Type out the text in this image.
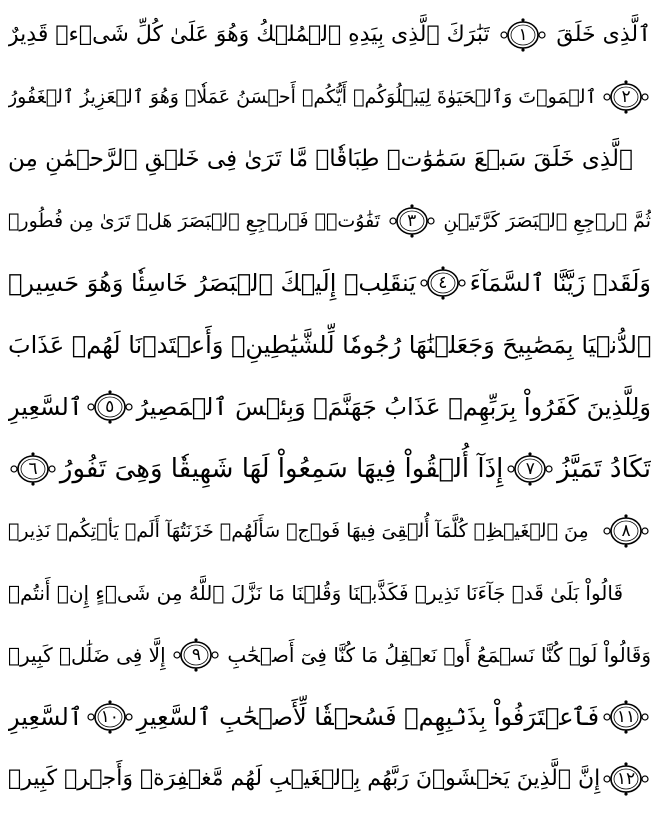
تَبَٰرَكَ ٱلَّذِى بِيَدِهِ ٱلۡمُلۡكُ وَهُوَ عَلَىٰ كُلِّ شَىۡءٖ قَدِيرٌ ١ ٱلَّذِى خَلَقَ
ٱلۡمَوۡتَ وَٱلۡحَيَوٰةَ لِيَبۡلُوَكُمۡ أَيُّكُمۡ أَحۡسَنُ عَمَلٗاۚ وَهُوَ ٱلۡعَزِيزُ ٱلۡغَفُورُ ٢
ٱلَّذِى خَلَقَ سَبۡعَ سَمَٰوَٰتٖ طِبَاقٗاۖ مَّا تَرَىٰ فِى خَلۡقِ ٱلرَّحۡمَٰنِ مِن
تَفَٰوُتٖۖ فَٱرۡجِعِ ٱلۡبَصَرَ هَلۡ تَرَىٰ مِن فُطُورٖ ٣ ثُمَّ ٱرۡجِعِ ٱلۡبَصَرَ كَرَّتَيۡنِ
يَنقَلِبۡ إِلَيۡكَ ٱلۡبَصَرُ خَاسِئٗا وَهُوَ حَسِيرٞ ٤ وَلَقَدۡ زَيَّنَّا ٱلسَّمَآءَ
ٱلدُّنۡيَا بِمَصَٰبِيحَ وَجَعَلۡنَٰهَا رُجُومٗا لِّلشَّيَٰطِينِۖ وَأَعۡتَدۡنَا لَهُمۡ عَذَابَ
ٱلسَّعِيرِ ٥ وَلِلَّذِينَ كَفَرُواْ بِرَبِّهِمۡ عَذَابُ جَهَنَّمَۖ وَبِئۡسَ ٱلۡمَصِيرُ
٦ إِذَآ أُلۡقُواْ فِيهَا سَمِعُواْ لَهَا شَهِيقٗا وَهِىَ تَفُورُ ٧ تَكَادُ تَمَيَّزُ
مِنَ ٱلۡغَيۡظِۖ كُلَّمَآ أُلۡقِىَ فِيهَا فَوۡجٞ سَأَلَهُمۡ خَزَنَتُهَآ أَلَمۡ يَأۡتِكُمۡ نَذِيرٞ ٨
قَالُواْ بَلَىٰ قَدۡ جَآءَنَا نَذِيرٞ فَكَذَّبۡنَا وَقُلۡنَا مَا نَزَّلَ ٱللَّهُ مِن شَىۡءٍ إِنۡ أَنتُمۡ
إِلَّا فِى ضَلَٰلٖ كَبِيرٖ ٩ وَقَالُواْ لَوۡ كُنَّا نَسۡمَعُ أَوۡ نَعۡقِلُ مَا كُنَّا فِىٓ أَصۡحَٰبِ
ٱلسَّعِيرِ ١٠ فَٱعۡتَرَفُواْ بِذَنۢبِهِمۡ فَسُحۡقٗا لِّأَصۡحَٰبِ ٱلسَّعِيرِ ١١
إِنَّ ٱلَّذِينَ يَخۡشَوۡنَ رَبَّهُم بِٱلۡغَيۡبِ لَهُم مَّغۡفِرَةٞ وَأَجۡرٞ كَبِيرٞ ١٢
